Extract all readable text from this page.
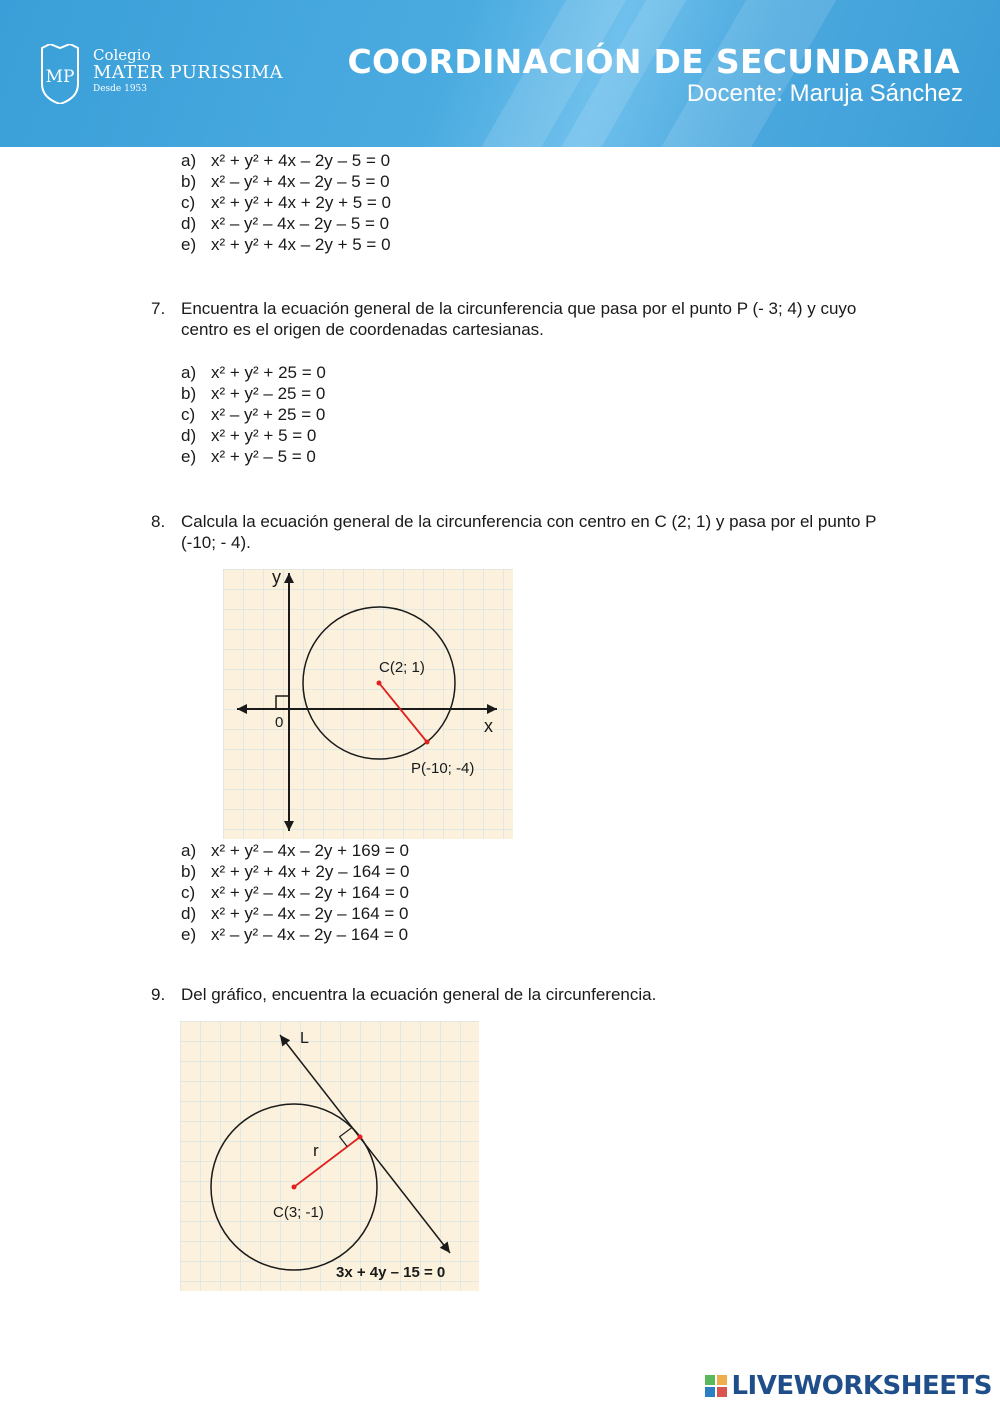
MP
Colegio
MATER PURISSIMA
Desde 1953
COORDINACIÓN DE SECUNDARIA
Docente: Maruja Sánchez
a) x² + y² + 4x – 2y – 5 = 0
b) x² – y² + 4x – 2y – 5 = 0
c) x² + y² + 4x + 2y + 5 = 0
d) x² – y² – 4x – 2y – 5 = 0
e) x² + y² + 4x – 2y + 5 = 0
7. Encuentra la ecuación general de la circunferencia que pasa por el punto P (- 3; 4) y cuyo centro es el origen de coordenadas cartesianas.
a) x² + y² + 25 = 0
b) x² + y² – 25 = 0
c) x² – y² + 25 = 0
d) x² + y² + 5 = 0
e) x² + y² – 5 = 0
8. Calcula la ecuación general de la circunferencia con centro en C (2; 1) y pasa por el punto P (-10; - 4).
y
x
0
C(2; 1)
P(-10; -4)
a) x² + y² – 4x – 2y + 169 = 0
b) x² + y² + 4x + 2y – 164 = 0
c) x² + y² – 4x – 2y + 164 = 0
d) x² + y² – 4x – 2y – 164 = 0
e) x² – y² – 4x – 2y – 164 = 0
9. Del gráfico, encuentra la ecuación general de la circunferencia.
L
r
C(3; -1)
3x + 4y – 15 = 0
LIVEWORKSHEETS
